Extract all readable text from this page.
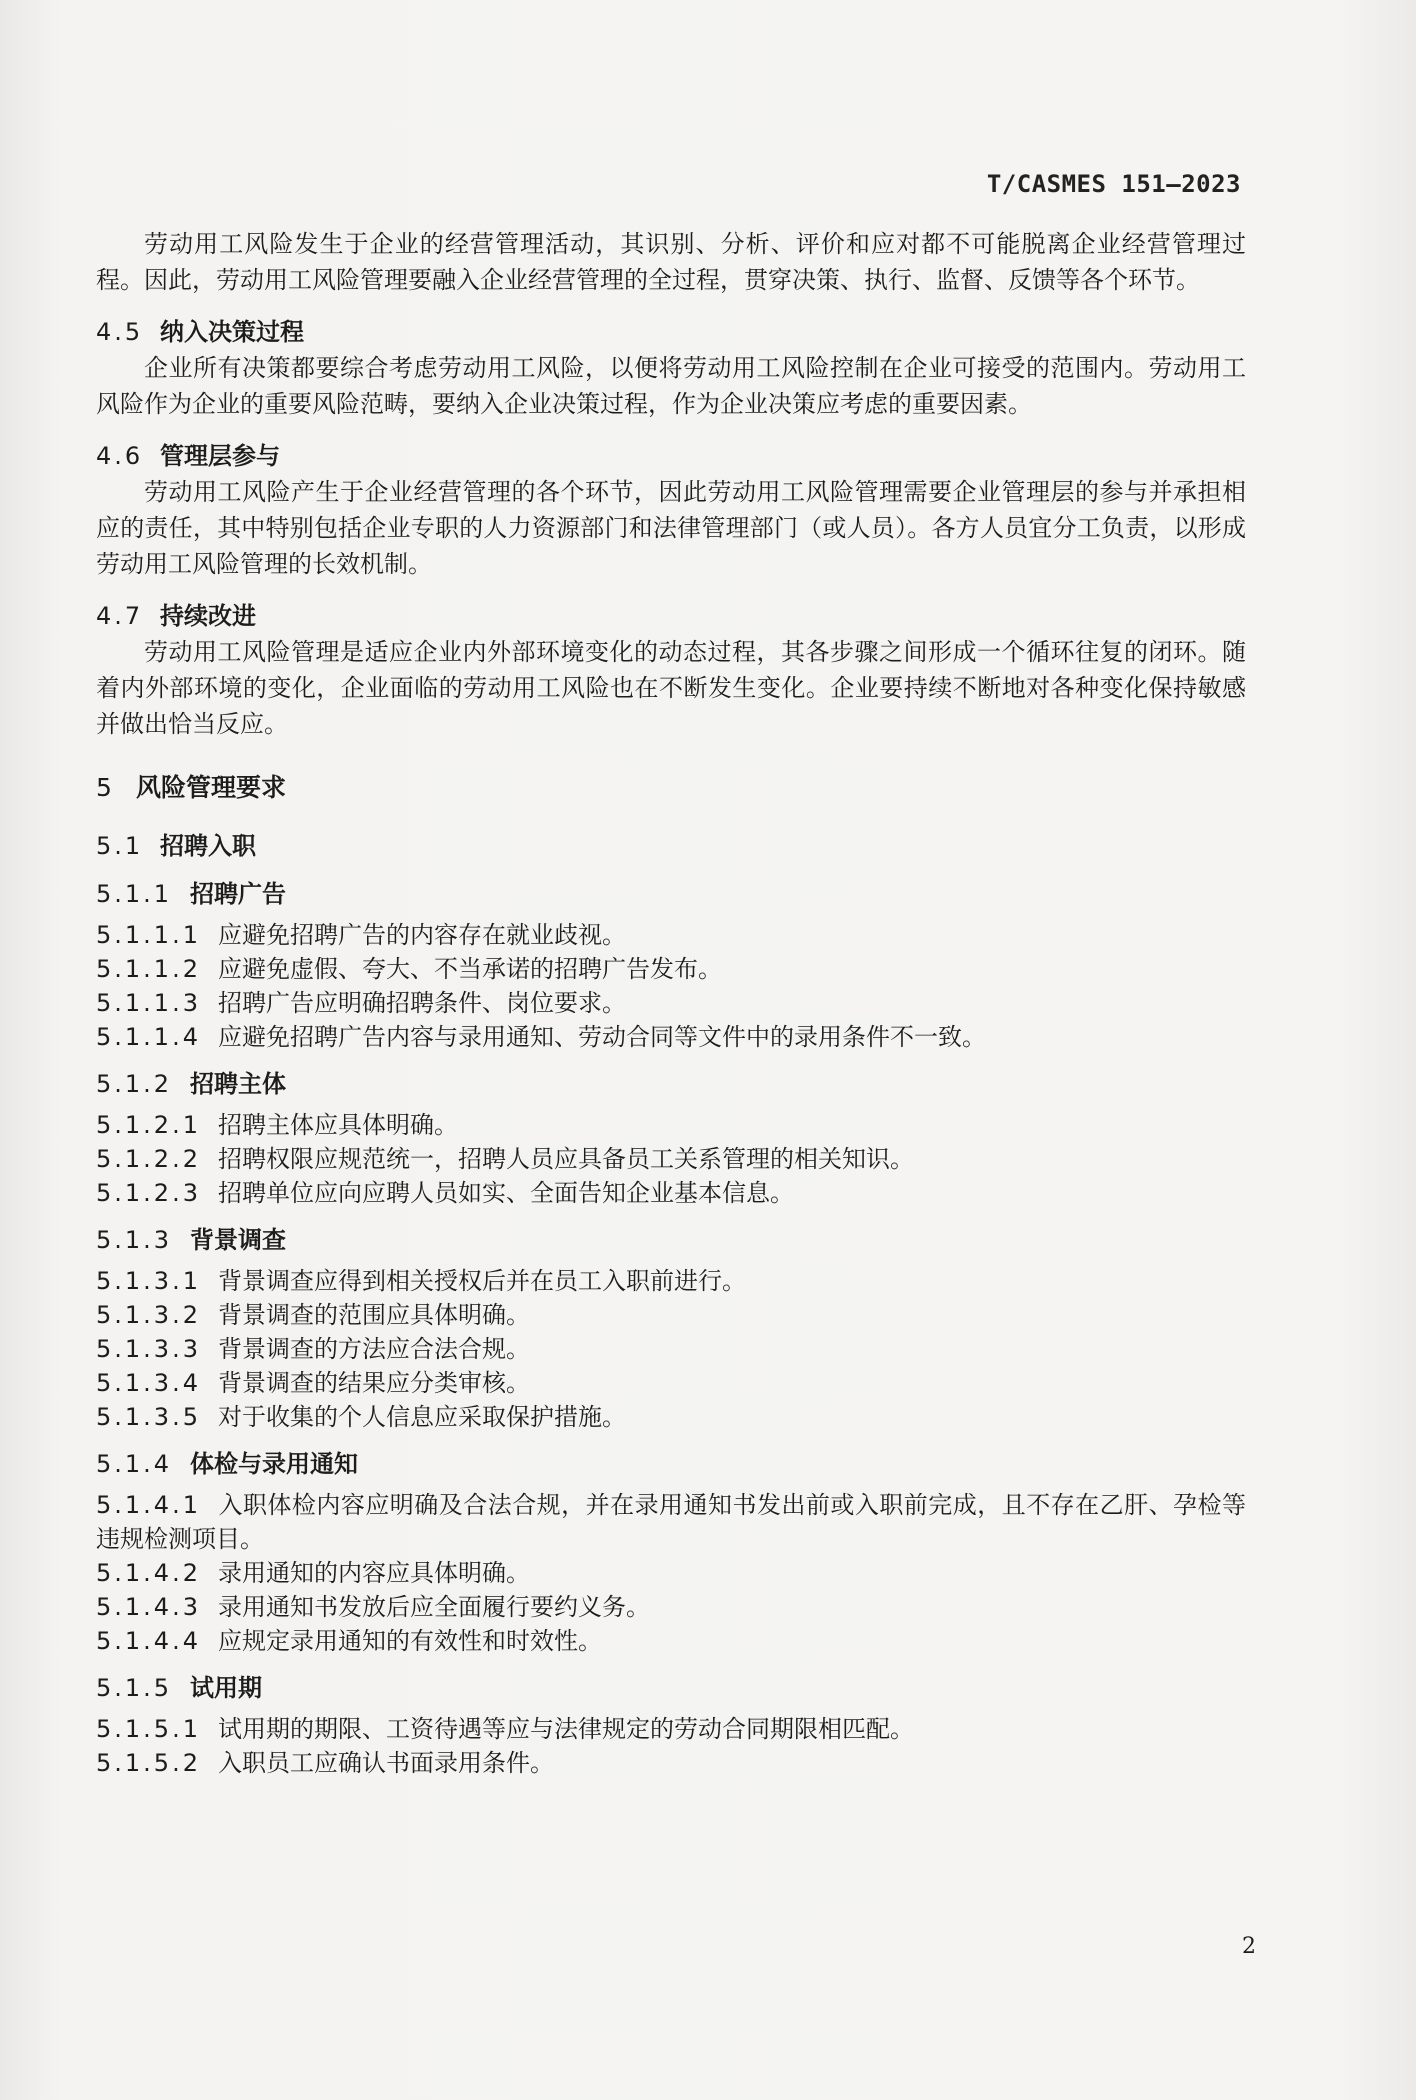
T/CASMES 151—2023

劳动用工风险发生于企业的经营管理活动，其识别、分析、评价和应对都不可能脱离企业经营管理过程。因此，劳动用工风险管理要融入企业经营管理的全过程，贯穿决策、执行、监督、反馈等各个环节。

4.5 纳入决策过程

企业所有决策都要综合考虑劳动用工风险，以便将劳动用工风险控制在企业可接受的范围内。劳动用工风险作为企业的重要风险范畴，要纳入企业决策过程，作为企业决策应考虑的重要因素。

4.6 管理层参与

劳动用工风险产生于企业经营管理的各个环节，因此劳动用工风险管理需要企业管理层的参与并承担相应的责任，其中特别包括企业专职的人力资源部门和法律管理部门（或人员）。各方人员宜分工负责，以形成劳动用工风险管理的长效机制。

4.7 持续改进

劳动用工风险管理是适应企业内外部环境变化的动态过程，其各步骤之间形成一个循环往复的闭环。随着内外部环境的变化，企业面临的劳动用工风险也在不断发生变化。企业要持续不断地对各种变化保持敏感并做出恰当反应。

5 风险管理要求
5.1 招聘入职
5.1.1 招聘广告

5.1.1.1 应避免招聘广告的内容存在就业歧视。

5.1.1.2 应避免虚假、夸大、不当承诺的招聘广告发布。

5.1.1.3 招聘广告应明确招聘条件、岗位要求。

5.1.1.4 应避免招聘广告内容与录用通知、劳动合同等文件中的录用条件不一致。

5.1.2 招聘主体

5.1.2.1 招聘主体应具体明确。

5.1.2.2 招聘权限应规范统一，招聘人员应具备员工关系管理的相关知识。

5.1.2.3 招聘单位应向应聘人员如实、全面告知企业基本信息。

5.1.3 背景调查

5.1.3.1 背景调查应得到相关授权后并在员工入职前进行。

5.1.3.2 背景调查的范围应具体明确。

5.1.3.3 背景调查的方法应合法合规。

5.1.3.4 背景调查的结果应分类审核。

5.1.3.5 对于收集的个人信息应采取保护措施。

5.1.4 体检与录用通知

5.1.4.1 入职体检内容应明确及合法合规，并在录用通知书发出前或入职前完成，且不存在乙肝、孕检等违规检测项目。

5.1.4.2 录用通知的内容应具体明确。

5.1.4.3 录用通知书发放后应全面履行要约义务。

5.1.4.4 应规定录用通知的有效性和时效性。

5.1.5 试用期

5.1.5.1 试用期的期限、工资待遇等应与法律规定的劳动合同期限相匹配。

5.1.5.2 入职员工应确认书面录用条件。

2
